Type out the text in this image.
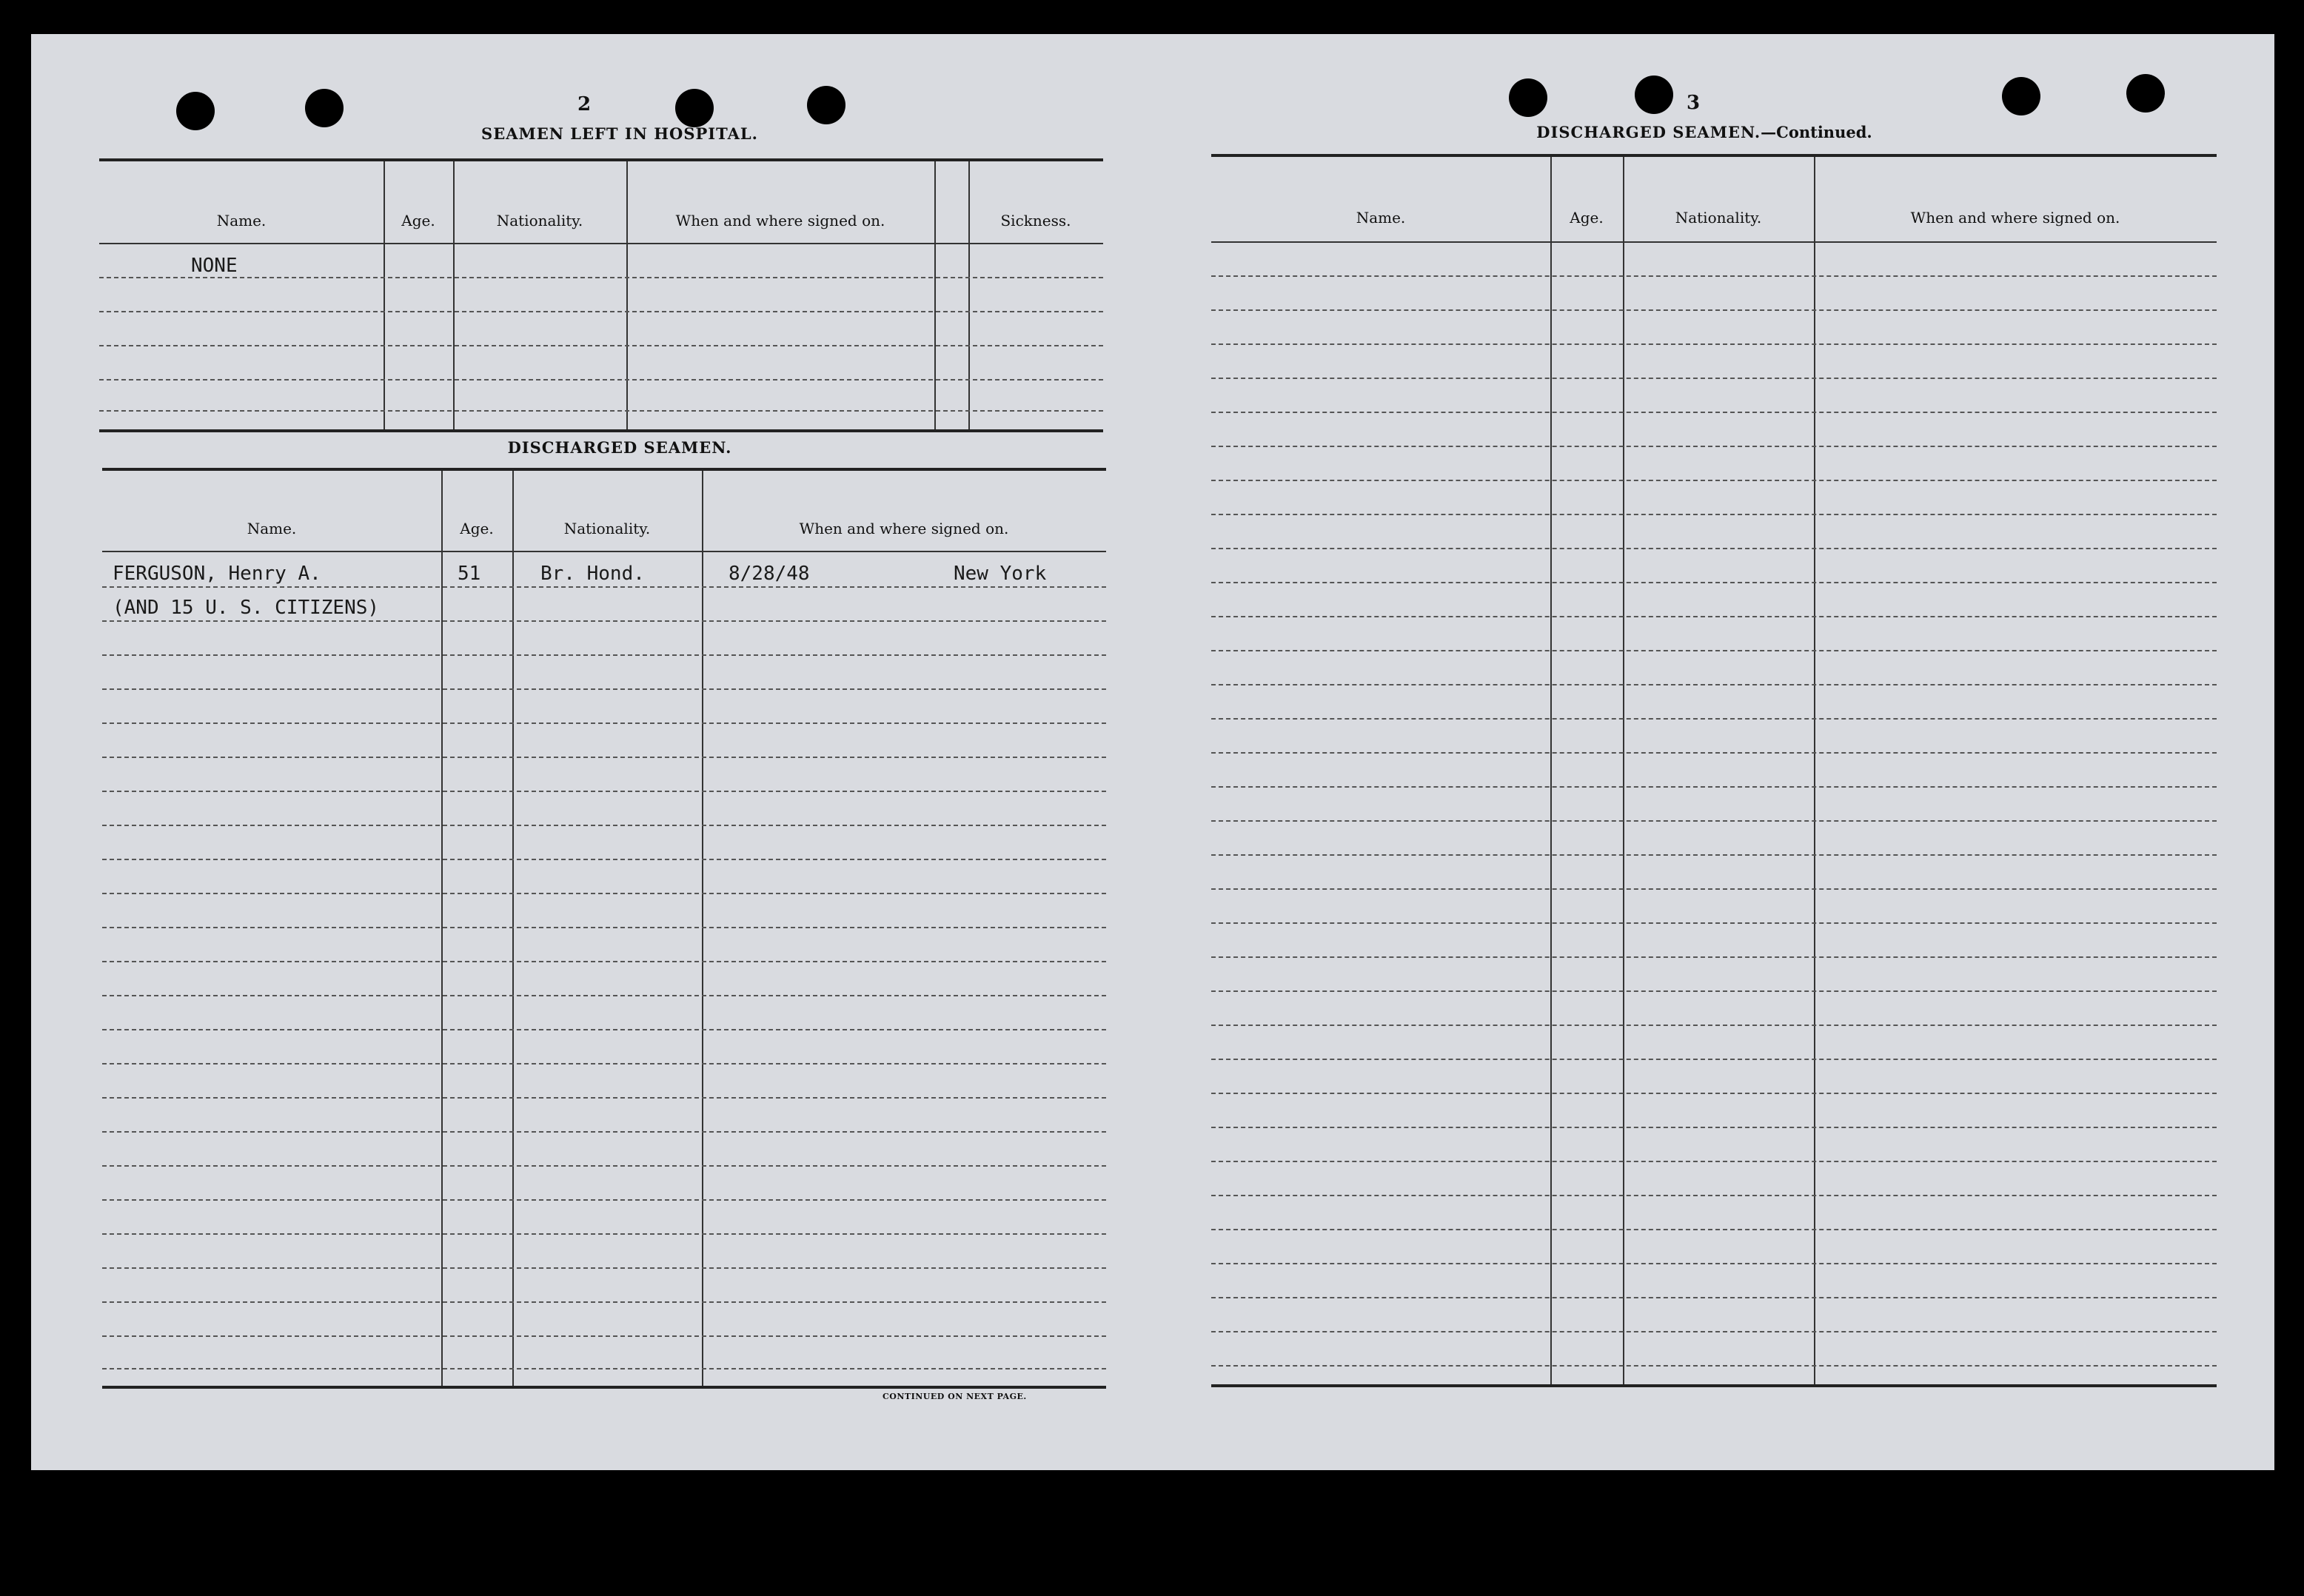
2
SEAMEN LEFT IN HOSPITAL.
Name.	Age.	Nationality.	When and where signed on.	Sickness.
NONE
DISCHARGED SEAMEN.
Name.	Age.	Nationality.	When and where signed on.
FERGUSON, Henry A.	51	Br. Hond.	8/28/48	New York
(AND 15 U. S. CITIZENS)
CONTINUED ON NEXT PAGE.
3
DISCHARGED SEAMEN.—Continued.
Name.	Age.	Nationality.	When and where signed on.
